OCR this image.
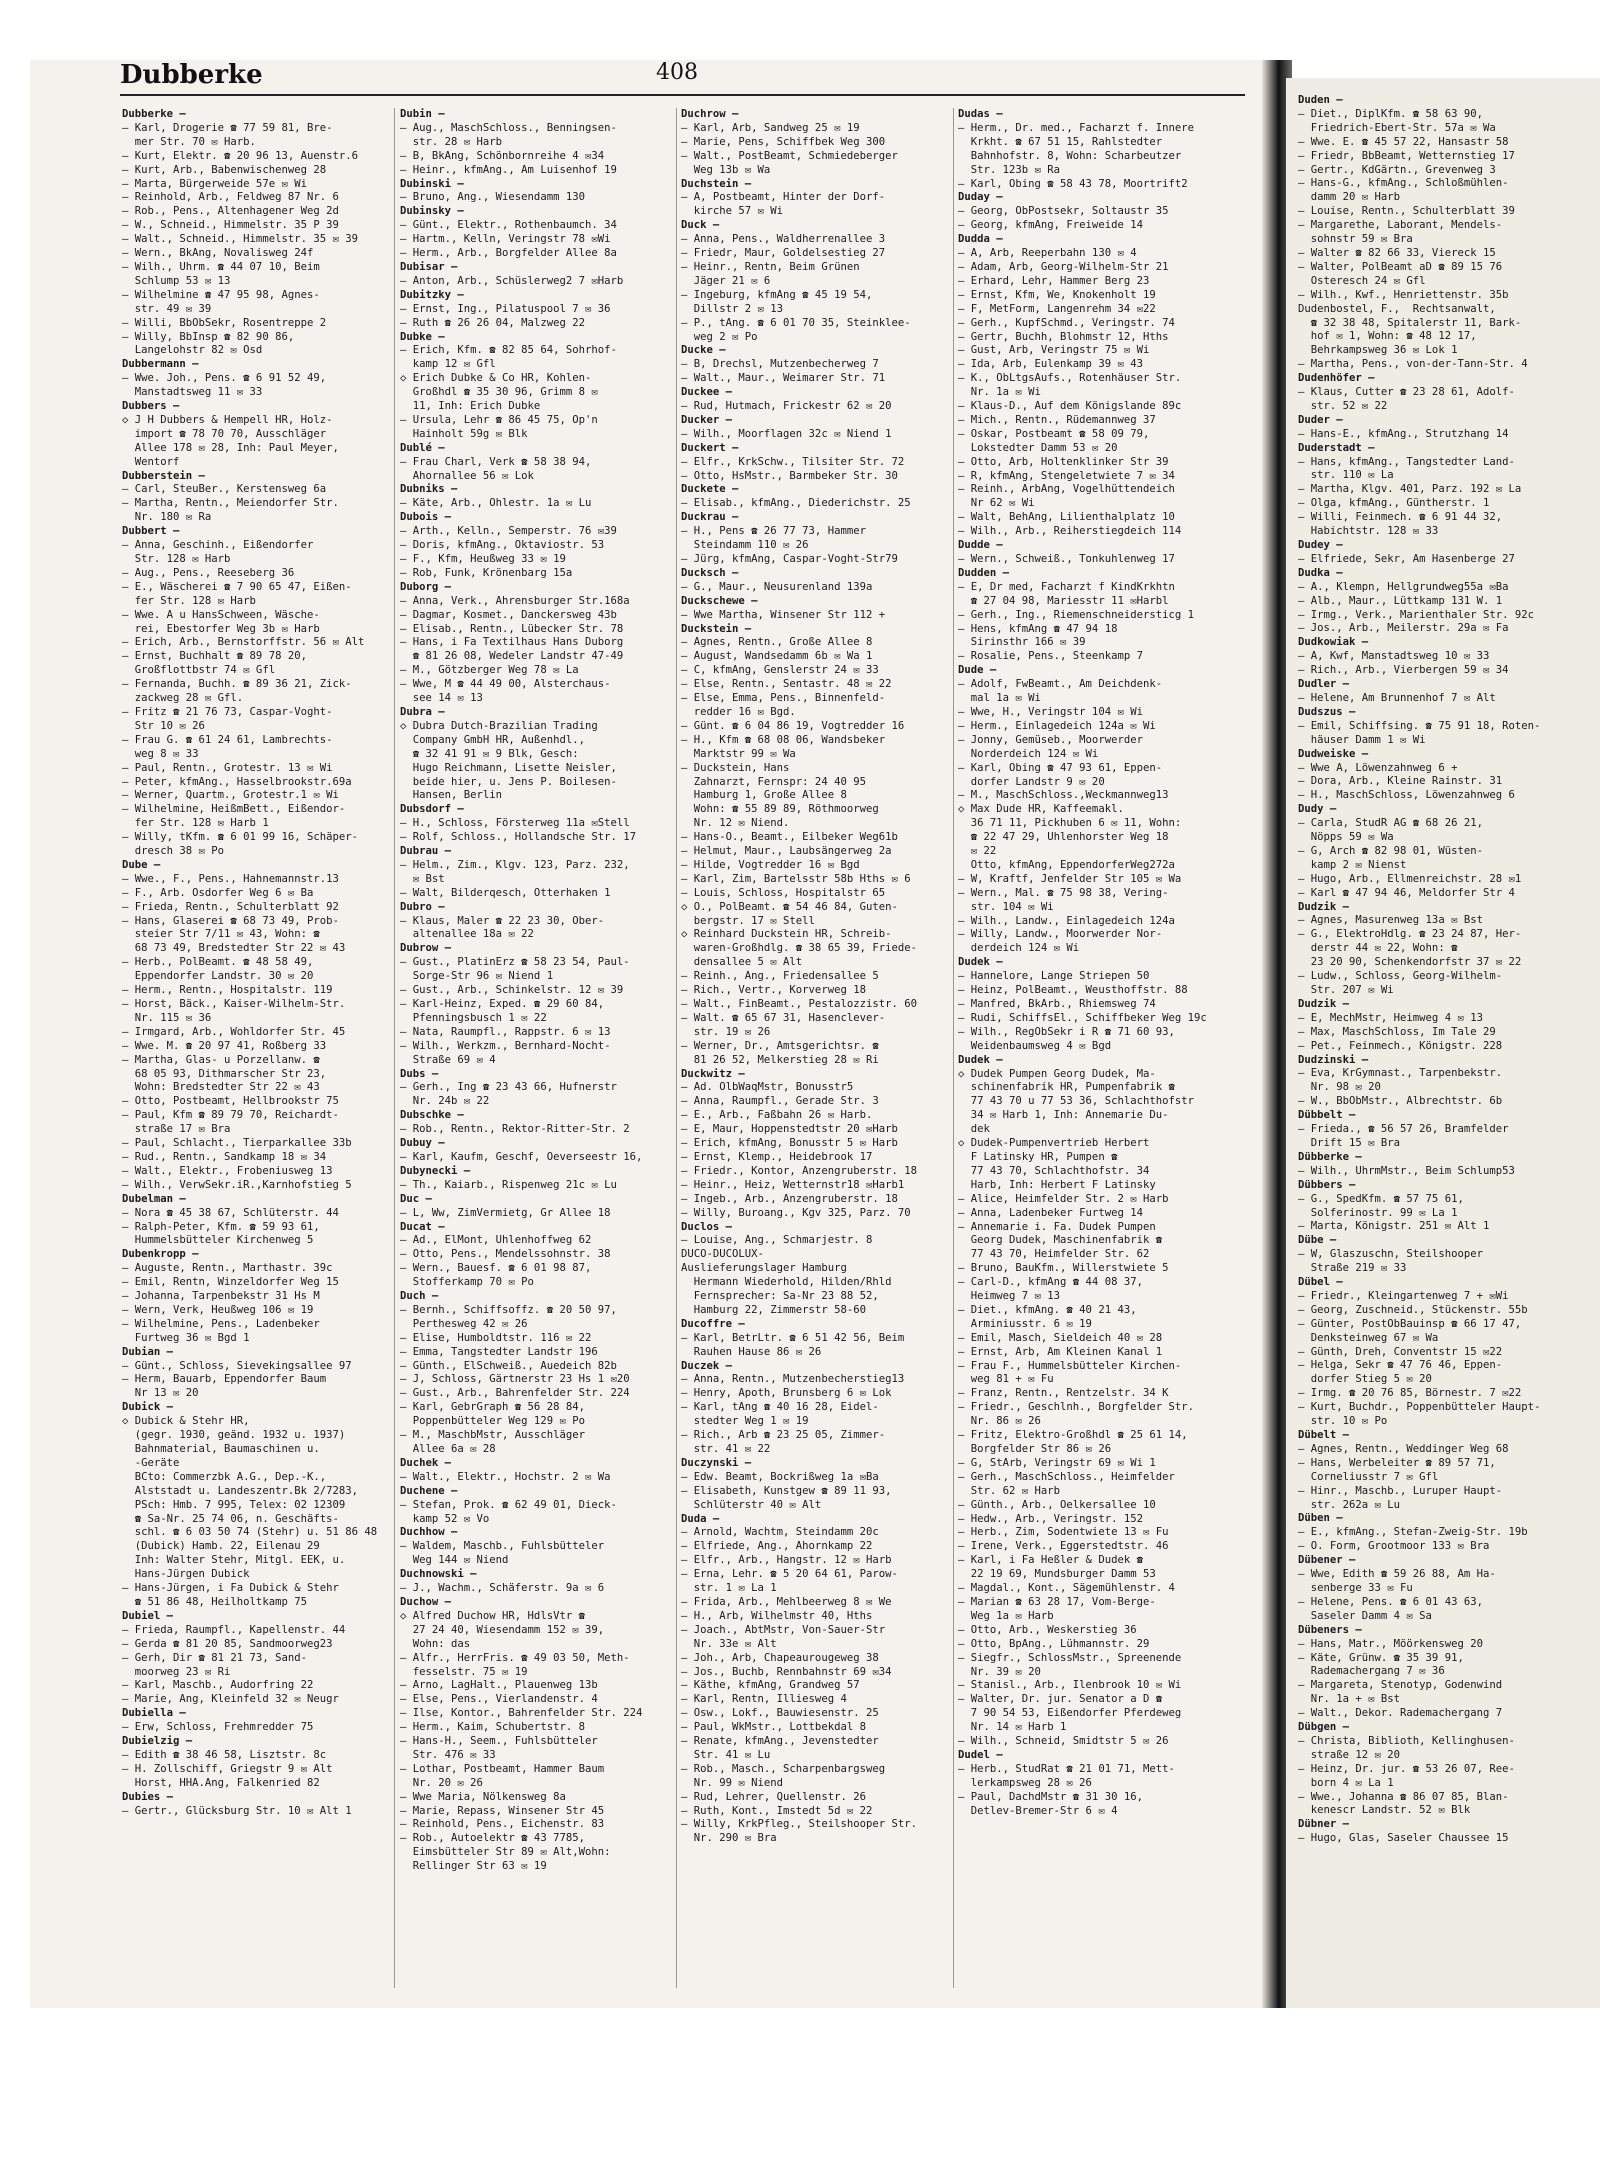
Duden —
— Diet., DiplKfm. ☎ 58 63 90,
Friedrich-Ebert-Str. 57a ✉ Wa
— Wwe. E. ☎ 45 57 22, Hansastr 58
— Friedr, BbBeamt, Wetternstieg 17
— Gertr., KdGärtn., Grevenweg 3
— Hans-G., kfmAng., Schloßmühlen-
damm 20 ✉ Harb
— Louise, Rentn., Schulterblatt 39
— Margarethe, Laborant, Mendels-
sohnstr 59 ✉ Bra
— Walter ☎ 82 66 33, Viereck 15
— Walter, PolBeamt aD ☎ 89 15 76
Osteresch 24 ✉ Gfl
— Wilh., Kwf., Henriettenstr. 35b
Dudenbostel, F.,  Rechtsanwalt,
☎ 32 38 48, Spitalerstr 11, Bark-
hof ✉ 1, Wohn: ☎ 48 12 17,
Behrkampsweg 36 ✉ Lok 1
— Martha, Pens., von-der-Tann-Str. 4
Dudenhöfer —
— Klaus, Cutter ☎ 23 28 61, Adolf-
str. 52 ✉ 22
Duder —
— Hans-E., kfmAng., Strutzhang 14
Duderstadt —
— Hans, kfmAng., Tangstedter Land-
str. 110 ✉ La
— Martha, Klgv. 401, Parz. 192 ✉ La
— Olga, kfmAng., Güntherstr. 1
— Willi, Feinmech. ☎ 6 91 44 32,
Habichtstr. 128 ✉ 33
Dudey —
— Elfriede, Sekr, Am Hasenberge 27
Dudka —
— A., Klempn, Hellgrundweg55a ✉Ba
— Alb., Maur., Lüttkamp 131 W. 1
— Irmg., Verk., Marienthaler Str. 92c
— Jos., Arb., Meilerstr. 29a ✉ Fa
Dudkowiak —
— A, Kwf, Manstadtsweg 10 ✉ 33
— Rich., Arb., Vierbergen 59 ✉ 34
Dudler —
— Helene, Am Brunnenhof 7 ✉ Alt
Dudszus —
— Emil, Schiffsing. ☎ 75 91 18, Roten-
häuser Damm 1 ✉ Wi
Dudweiske —
— Wwe A, Löwenzahnweg 6 +
— Dora, Arb., Kleine Rainstr. 31
— H., MaschSchloss, Löwenzahnweg 6
Dudy —
— Carla, StudR AG ☎ 68 26 21,
Nöpps 59 ✉ Wa
— G, Arch ☎ 82 98 01, Wüsten-
kamp 2 ✉ Nienst
— Hugo, Arb., Ellmenreichstr. 28 ✉1
— Karl ☎ 47 94 46, Meldorfer Str 4
Dudzik —
— Agnes, Masurenweg 13a ✉ Bst
— G., ElektroHdlg. ☎ 23 24 87, Her-
derstr 44 ✉ 22, Wohn: ☎
23 20 90, Schenkendorfstr 37 ✉ 22
— Ludw., Schloss, Georg-Wilhelm-
Str. 207 ✉ Wi
Dudzik —
— E, MechMstr, Heimweg 4 ✉ 13
— Max, MaschSchloss, Im Tale 29
— Pet., Feinmech., Königstr. 228
Dudzinski —
— Eva, KrGymnast., Tarpenbekstr.
Nr. 98 ✉ 20
— W., BbObMstr., Albrechtstr. 6b
Dübbelt —
— Frieda., ☎ 56 57 26, Bramfelder
Drift 15 ✉ Bra
Dübberke —
— Wilh., UhrmMstr., Beim Schlump53
Dübbers —
— G., SpedKfm. ☎ 57 75 61,
Solferinostr. 99 ✉ La 1
— Marta, Königstr. 251 ✉ Alt 1
Dübe —
— W, Glaszuschn, Steilshooper
Straße 219 ✉ 33
Dübel —
— Friedr., Kleingartenweg 7 + ✉Wi
— Georg, Zuschneid., Stückenstr. 55b
— Günter, PostObBauinsp ☎ 66 17 47,
Denksteinweg 67 ✉ Wa
— Günth, Dreh, Conventstr 15 ✉22
— Helga, Sekr ☎ 47 76 46, Eppen-
dorfer Stieg 5 ✉ 20
— Irmg. ☎ 20 76 85, Börnestr. 7 ✉22
— Kurt, Buchdr., Poppenbütteler Haupt-
str. 10 ✉ Po
Dübelt —
— Agnes, Rentn., Weddinger Weg 68
— Hans, Werbeleiter ☎ 89 57 71,
Corneliusstr 7 ✉ Gfl
— Hinr., Maschb., Luruper Haupt-
str. 262a ✉ Lu
Düben —
— E., kfmAng., Stefan-Zweig-Str. 19b
— O. Form, Grootmoor 133 ✉ Bra
Dübener —
— Wwe, Edith ☎ 59 26 88, Am Ha-
senberge 33 ✉ Fu
— Helene, Pens. ☎ 6 01 43 63,
Saseler Damm 4 ✉ Sa
Dübeners —
— Hans, Matr., Möörkensweg 20
— Käte, Grünw. ☎ 35 39 91,
Rademachergang 7 ✉ 36
— Margareta, Stenotyp, Godenwind
Nr. 1a + ✉ Bst
— Walt., Dekor. Rademachergang 7
Dübgen —
— Christa, Biblioth, Kellinghusen-
straße 12 ✉ 20
— Heinz, Dr. jur. ☎ 53 26 07, Ree-
born 4 ✉ La 1
— Wwe., Johanna ☎ 86 07 85, Blan-
kenescr Landstr. 52 ✉ Blk
Dübner —
— Hugo, Glas, Saseler Chaussee 15
Dubberke	408
Dubberke —
— Karl, Drogerie ☎ 77 59 81, Bre-
mer Str. 70 ✉ Harb.
— Kurt, Elektr. ☎ 20 96 13, Auenstr.6
— Kurt, Arb., Babenwischenweg 28
— Marta, Bürgerweide 57e ✉ Wi
— Reinhold, Arb., Feldweg 87 Nr. 6
— Rob., Pens., Altenhagener Weg 2d
— W., Schneid., Himmelstr. 35 P 39
— Walt., Schneid., Himmelstr. 35 ✉ 39
— Wern., BkAng, Novalisweg 24f
— Wilh., Uhrm. ☎ 44 07 10, Beim
Schlump 53 ✉ 13
— Wilhelmine ☎ 47 95 98, Agnes-
str. 49 ✉ 39
— Willi, BbObSekr, Rosentreppe 2
— Willy, BbInsp ☎ 82 90 86,
Langelohstr 82 ✉ Osd
Dubbermann —
— Wwe. Joh., Pens. ☎ 6 91 52 49,
Manstadtsweg 11 ✉ 33
Dubbers —
◇ J H Dubbers & Hempell HR, Holz-
import ☎ 78 70 70, Ausschläger
Allee 178 ✉ 28, Inh: Paul Meyer,
Wentorf
Dubberstein —
— Carl, SteuBer., Kerstensweg 6a
— Martha, Rentn., Meiendorfer Str.
Nr. 180 ✉ Ra
Dubbert —
— Anna, Geschinh., Eißendorfer
Str. 128 ✉ Harb
— Aug., Pens., Reeseberg 36
— E., Wäscherei ☎ 7 90 65 47, Eißen-
fer Str. 128 ✉ Harb
— Wwe. A u HansSchween, Wäsche-
rei, Ebestorfer Weg 3b ✉ Harb
— Erich, Arb., Bernstorffstr. 56 ✉ Alt
— Ernst, Buchhalt ☎ 89 78 20,
Großflottbstr 74 ✉ Gfl
— Fernanda, Buchh. ☎ 89 36 21, Zick-
zackweg 28 ✉ Gfl.
— Fritz ☎ 21 76 73, Caspar-Voght-
Str 10 ✉ 26
— Frau G. ☎ 61 24 61, Lambrechts-
weg 8 ✉ 33
— Paul, Rentn., Grotestr. 13 ✉ Wi
— Peter, kfmAng., Hasselbrookstr.69a
— Werner, Quartm., Grotestr.1 ✉ Wi
— Wilhelmine, HeißmBett., Eißendor-
fer Str. 128 ✉ Harb 1
— Willy, tKfm. ☎ 6 01 99 16, Schäper-
dresch 38 ✉ Po
Dube —
— Wwe., F., Pens., Hahnemannstr.13
— F., Arb. Osdorfer Weg 6 ✉ Ba
— Frieda, Rentn., Schulterblatt 92
— Hans, Glaserei ☎ 68 73 49, Prob-
steier Str 7/11 ✉ 43, Wohn: ☎
68 73 49, Bredstedter Str 22 ✉ 43
— Herb., PolBeamt. ☎ 48 58 49,
Eppendorfer Landstr. 30 ✉ 20
— Herm., Rentn., Hospitalstr. 119
— Horst, Bäck., Kaiser-Wilhelm-Str.
Nr. 115 ✉ 36
— Irmgard, Arb., Wohldorfer Str. 45
— Wwe. M. ☎ 20 97 41, Roßberg 33
— Martha, Glas- u Porzellanw. ☎
68 05 93, Dithmarscher Str 23,
Wohn: Bredstedter Str 22 ✉ 43
— Otto, Postbeamt, Hellbrookstr 75
— Paul, Kfm ☎ 89 79 70, Reichardt-
straße 17 ✉ Bra
— Paul, Schlacht., Tierparkallee 33b
— Rud., Rentn., Sandkamp 18 ✉ 34
— Walt., Elektr., Frobeniusweg 13
— Wilh., VerwSekr.iR.,Karnhofstieg 5
Dubelman —
— Nora ☎ 45 38 67, Schlüterstr. 44
— Ralph-Peter, Kfm. ☎ 59 93 61,
Hummelsbütteler Kirchenweg 5
Dubenkropp —
— Auguste, Rentn., Marthastr. 39c
— Emil, Rentn, Winzeldorfer Weg 15
— Johanna, Tarpenbekstr 31 Hs M
— Wern, Verk, Heußweg 106 ✉ 19
— Wilhelmine, Pens., Ladenbeker
Furtweg 36 ✉ Bgd 1
Dubian —
— Günt., Schloss, Sievekingsallee 97
— Herm, Bauarb, Eppendorfer Baum
Nr 13 ✉ 20
Dubick —
◇ Dubick & Stehr HR,
(gegr. 1930, geänd. 1932 u. 1937)
Bahnmaterial, Baumaschinen u.
-Geräte
BCto: Commerzbk A.G., Dep.-K.,
Alststadt u. Landeszentr.Bk 2/7283,
PSch: Hmb. 7 995, Telex: 02 12309
☎ Sa-Nr. 25 74 06, n. Geschäfts-
schl. ☎ 6 03 50 74 (Stehr) u. 51 86 48
(Dubick) Hamb. 22, Eilenau 29
Inh: Walter Stehr, Mitgl. EEK, u.
Hans-Jürgen Dubick
— Hans-Jürgen, i Fa Dubick & Stehr
☎ 51 86 48, Heilholtkamp 75
Dubiel —
— Frieda, Raumpfl., Kapellenstr. 44
— Gerda ☎ 81 20 85, Sandmoorweg23
— Gerh, Dir ☎ 81 21 73, Sand-
moorweg 23 ✉ Ri
— Karl, Maschb., Audorfring 22
— Marie, Ang, Kleinfeld 32 ✉ Neugr
Dubiella —
— Erw, Schloss, Frehmredder 75
Dubielzig —
— Edith ☎ 38 46 58, Lisztstr. 8c
— H. Zollschiff, Griegstr 9 ✉ Alt
Horst, HHA.Ang, Falkenried 82
Dubies —
— Gertr., Glücksburg Str. 10 ✉ Alt 1
Dubin —
— Aug., MaschSchloss., Benningsen-
str. 28 ✉ Harb
— B, BkAng, Schönbornreihe 4 ✉34
— Heinr., kfmAng., Am Luisenhof 19
Dubinski —
— Bruno, Ang., Wiesendamm 130
Dubinsky —
— Günt., Elektr., Rothenbaumch. 34
— Hartm., Kelln, Veringstr 78 ✉Wi
— Herm., Arb., Borgfelder Allee 8a
Dubisar —
— Anton, Arb., Schüslerweg2 7 ✉Harb
Dubitzky —
— Ernst, Ing., Pilatuspool 7 ✉ 36
— Ruth ☎ 26 26 04, Malzweg 22
Dubke —
— Erich, Kfm. ☎ 82 85 64, Sohrhof-
kamp 12 ✉ Gfl
◇ Erich Dubke & Co HR, Kohlen-
Großhdl ☎ 35 30 96, Grimm 8 ✉
11, Inh: Erich Dubke
— Ursula, Lehr ☎ 86 45 75, Op'n
Hainholt 59g ✉ Blk
Dublé —
— Frau Charl, Verk ☎ 58 38 94,
Ahornallee 56 ✉ Lok
Dubniks —
— Käte, Arb., Ohlestr. 1a ✉ Lu
Dubois —
— Arth., Kelln., Semperstr. 76 ✉39
— Doris, kfmAng., Oktaviostr. 53
— F., Kfm, Heußweg 33 ✉ 19
— Rob, Funk, Krönenbarg 15a
Duborg —
— Anna, Verk., Ahrensburger Str.168a
— Dagmar, Kosmet., Danckersweg 43b
— Elisab., Rentn., Lübecker Str. 78
— Hans, i Fa Textilhaus Hans Duborg
☎ 81 26 08, Wedeler Landstr 47-49
— M., Götzberger Weg 78 ✉ La
— Wwe, M ☎ 44 49 00, Alsterchaus-
see 14 ✉ 13
Dubra —
◇ Dubra Dutch-Brazilian Trading
Company GmbH HR, Außenhdl.,
☎ 32 41 91 ✉ 9 Blk, Gesch:
Hugo Reichmann, Lisette Neisler,
beide hier, u. Jens P. Boilesen-
Hansen, Berlin
Dubsdorf —
— H., Schloss, Försterweg 11a ✉Stell
— Rolf, Schloss., Hollandsche Str. 17
Dubrau —
— Helm., Zim., Klgv. 123, Parz. 232,
✉ Bst
— Walt, Bilderqesch, Otterhaken 1
Dubro —
— Klaus, Maler ☎ 22 23 30, Ober-
altenallee 18a ✉ 22
Dubrow —
— Gust., PlatinErz ☎ 58 23 54, Paul-
Sorge-Str 96 ✉ Niend 1
— Gust., Arb., Schinkelstr. 12 ✉ 39
— Karl-Heinz, Exped. ☎ 29 60 84,
Pfenningsbusch 1 ✉ 22
— Nata, Raumpfl., Rappstr. 6 ✉ 13
— Wilh., Werkzm., Bernhard-Nocht-
Straße 69 ✉ 4
Dubs —
— Gerh., Ing ☎ 23 43 66, Hufnerstr
Nr. 24b ✉ 22
Dubschke —
— Rob., Rentn., Rektor-Ritter-Str. 2
Dubuy —
— Karl, Kaufm, Geschf, Oeverseestr 16,
Dubynecki —
— Th., Kaiarb., Rispenweg 21c ✉ Lu
Duc —
— L, Ww, ZimVermietg, Gr Allee 18
Ducat —
— Ad., ElMont, Uhlenhoffweg 62
— Otto, Pens., Mendelssohnstr. 38
— Wern., Bauesf. ☎ 6 01 98 87,
Stofferkamp 70 ✉ Po
Duch —
— Bernh., Schiffsoffz. ☎ 20 50 97,
Perthesweg 42 ✉ 26
— Elise, Humboldtstr. 116 ✉ 22
— Emma, Tangstedter Landstr 196
— Günth., ElSchweiß., Auedeich 82b
— J, Schloss, Gärtnerstr 23 Hs 1 ✉20
— Gust., Arb., Bahrenfelder Str. 224
— Karl, GebrGraph ☎ 56 28 84,
Poppenbütteler Weg 129 ✉ Po
— M., MaschbMstr, Ausschläger
Allee 6a ✉ 28
Duchek —
— Walt., Elektr., Hochstr. 2 ✉ Wa
Duchene —
— Stefan, Prok. ☎ 62 49 01, Dieck-
kamp 52 ✉ Vo
Duchhow —
— Waldem, Maschb., Fuhlsbütteler
Weg 144 ✉ Niend
Duchnowski —
— J., Wachm., Schäferstr. 9a ✉ 6
Duchow —
◇ Alfred Duchow HR, HdlsVtr ☎
27 24 40, Wiesendamm 152 ✉ 39,
Wohn: das
— Alfr., HerrFris. ☎ 49 03 50, Meth-
fesselstr. 75 ✉ 19
— Arno, LagHalt., Plauenweg 13b
— Else, Pens., Vierlandenstr. 4
— Ilse, Kontor., Bahrenfelder Str. 224
— Herm., Kaim, Schubertstr. 8
— Hans-H., Seem., Fuhlsbütteler
Str. 476 ✉ 33
— Lothar, Postbeamt, Hammer Baum
Nr. 20 ✉ 26
— Wwe Maria, Nölkensweg 8a
— Marie, Repass, Winsener Str 45
— Reinhold, Pens., Eichenstr. 83
— Rob., Autoelektr ☎ 43 7785,
Eimsbütteler Str 89 ✉ Alt,Wohn:
Rellinger Str 63 ✉ 19
Duchrow —
— Karl, Arb, Sandweg 25 ✉ 19
— Marie, Pens, Schiffbek Weg 300
— Walt., PostBeamt, Schmiedeberger
Weg 13b ✉ Wa
Duchstein —
— A, Postbeamt, Hinter der Dorf-
kirche 57 ✉ Wi
Duck —
— Anna, Pens., Waldherrenallee 3
— Friedr, Maur, Goldelsestieg 27
— Heinr., Rentn, Beim Grünen
Jäger 21 ✉ 6
— Ingeburg, kfmAng ☎ 45 19 54,
Dillstr 2 ✉ 13
— P., tAng. ☎ 6 01 70 35, Steinklee-
weg 2 ✉ Po
Ducke —
— B, Drechsl, Mutzenbecherweg 7
— Walt., Maur., Weimarer Str. 71
Duckee —
— Rud, Hutmach, Frickestr 62 ✉ 20
Ducker —
— Wilh., Moorflagen 32c ✉ Niend 1
Duckert —
— Elfr., KrkSchw., Tilsiter Str. 72
— Otto, HsMstr., Barmbeker Str. 30
Duckete —
— Elisab., kfmAng., Diederichstr. 25
Duckrau —
— H., Pens ☎ 26 77 73, Hammer
Steindamm 110 ✉ 26
— Jürg, kfmAng, Caspar-Voght-Str79
Ducksch —
— G., Maur., Neusurenland 139a
Duckschewe —
— Wwe Martha, Winsener Str 112 +
Duckstein —
— Agnes, Rentn., Große Allee 8
— August, Wandsedamm 6b ✉ Wa 1
— C, kfmAng, Genslerstr 24 ✉ 33
— Else, Rentn., Sentastr. 48 ✉ 22
— Else, Emma, Pens., Binnenfeld-
redder 16 ✉ Bgd.
— Günt. ☎ 6 04 86 19, Vogtredder 16
— H., Kfm ☎ 68 08 06, Wandsbeker
Marktstr 99 ✉ Wa
— Duckstein, Hans
Zahnarzt, Fernspr: 24 40 95
Hamburg 1, Große Allee 8
Wohn: ☎ 55 89 89, Röthmoorweg
Nr. 12 ✉ Niend.
— Hans-O., Beamt., Eilbeker Weg61b
— Helmut, Maur., Laubsängerweg 2a
— Hilde, Vogtredder 16 ✉ Bgd
— Karl, Zim, Bartelsstr 58b Hths ✉ 6
— Louis, Schloss, Hospitalstr 65
◇ O., PolBeamt. ☎ 54 46 84, Guten-
bergstr. 17 ✉ Stell
◇ Reinhard Duckstein HR, Schreib-
waren-Großhdlg. ☎ 38 65 39, Friede-
densallee 5 ✉ Alt
— Reinh., Ang., Friedensallee 5
— Rich., Vertr., Korverweg 18
— Walt., FinBeamt., Pestalozzistr. 60
— Walt. ☎ 65 67 31, Hasenclever-
str. 19 ✉ 26
— Werner, Dr., Amtsgerichtsr. ☎
81 26 52, Melkerstieg 28 ✉ Ri
Duckwitz —
— Ad. OlbWaqMstr, Bonusstr5
— Anna, Raumpfl., Gerade Str. 3
— E., Arb., Faßbahn 26 ✉ Harb.
— E, Maur, Hoppenstedtstr 20 ✉Harb
— Erich, kfmAng, Bonusstr 5 ✉ Harb
— Ernst, Klemp., Heidebrook 17
— Friedr., Kontor, Anzengruberstr. 18
— Heinr., Heiz, Wetternstr18 ✉Harb1
— Ingeb., Arb., Anzengruberstr. 18
— Willy, Buroang., Kgv 325, Parz. 70
Duclos —
— Louise, Ang., Schmarjestr. 8
DUCO-DUCOLUX-
Auslieferungslager Hamburg
Hermann Wiederhold, Hilden/Rhld
Fernsprecher: Sa-Nr 23 88 52,
Hamburg 22, Zimmerstr 58-60
Ducoffre —
— Karl, BetrLtr. ☎ 6 51 42 56, Beim
Rauhen Hause 86 ✉ 26
Duczek —
— Anna, Rentn., Mutzenbecherstieg13
— Henry, Apoth, Brunsberg 6 ✉ Lok
— Karl, tAng ☎ 40 16 28, Eidel-
stedter Weg 1 ✉ 19
— Rich., Arb ☎ 23 25 05, Zimmer-
str. 41 ✉ 22
Duczynski —
— Edw. Beamt, Bockrißweg 1a ✉Ba
— Elisabeth, Kunstgew ☎ 89 11 93,
Schlüterstr 40 ✉ Alt
Duda —
— Arnold, Wachtm, Steindamm 20c
— Elfriede, Ang., Ahornkamp 22
— Elfr., Arb., Hangstr. 12 ✉ Harb
— Erna, Lehr. ☎ 5 20 64 61, Parow-
str. 1 ✉ La 1
— Frida, Arb., Mehlbeerweg 8 ✉ We
— H., Arb, Wilhelmstr 40, Hths
— Joach., AbtMstr, Von-Sauer-Str
Nr. 33e ✉ Alt
— Joh., Arb, Chapeaurougeweg 38
— Jos., Buchb, Rennbahnstr 69 ✉34
— Käthe, kfmAng, Grandweg 57
— Karl, Rentn, Illiesweg 4
— Osw., Lokf., Bauwiesenstr. 25
— Paul, WkMstr., Lottbekdal 8
— Renate, kfmAng., Jevenstedter
Str. 41 ✉ Lu
— Rob., Masch., Scharpenbargsweg
Nr. 99 ✉ Niend
— Rud, Lehrer, Quellenstr. 26
— Ruth, Kont., Imstedt 5d ✉ 22
— Willy, KrkPfleg., Steilshooper Str.
Nr. 290 ✉ Bra
Dudas —
— Herm., Dr. med., Facharzt f. Innere
Krkht. ☎ 67 51 15, Rahlstedter
Bahnhofstr. 8, Wohn: Scharbeutzer
Str. 123b ✉ Ra
— Karl, Obing ☎ 58 43 78, Moortrift2
Duday —
— Georg, ObPostsekr, Soltaustr 35
— Georg, kfmAng, Freiweide 14
Dudda —
— A, Arb, Reeperbahn 130 ✉ 4
— Adam, Arb, Georg-Wilhelm-Str 21
— Erhard, Lehr, Hammer Berg 23
— Ernst, Kfm, We, Knokenholt 19
— F, MetForm, Langenrehm 34 ✉22
— Gerh., KupfSchmd., Veringstr. 74
— Gertr, Buchh, Blohmstr 12, Hths
— Gust, Arb, Veringstr 75 ✉ Wi
— Ida, Arb, Eulenkamp 39 ✉ 43
— K., ObLtgsAufs., Rotenhäuser Str.
Nr. 1a ✉ Wi
— Klaus-D., Auf dem Königslande 89c
— Mich., Rentn., Rüdemannweg 37
— Oskar, Postbeamt ☎ 58 09 79,
Lokstedter Damm 53 ✉ 20
— Otto, Arb, Holtenklinker Str 39
— R, kfmAng, Stengeletwiete 7 ✉ 34
— Reinh., ArbAng, Vogelhüttendeich
Nr 62 ✉ Wi
— Walt, BehAng, Lilienthalplatz 10
— Wilh., Arb., Reiherstiegdeich 114
Dudde —
— Wern., Schweiß., Tonkuhlenweg 17
Dudden —
— E, Dr med, Facharzt f KindKrkhtn
☎ 27 04 98, Mariesstr 11 ✉Harbl
— Gerh., Ing., Riemenschneidersticg 1
— Hens, kfmAng ☎ 47 94 18
Sirinsthr 166 ✉ 39
— Rosalie, Pens., Steenkamp 7
Dude —
— Adolf, FwBeamt., Am Deichdenk-
mal 1a ✉ Wi
— Wwe, H., Veringstr 104 ✉ Wi
— Herm., Einlagedeich 124a ✉ Wi
— Jonny, Gemüseb., Moorwerder
Norderdeich 124 ✉ Wi
— Karl, Obing ☎ 47 93 61, Eppen-
dorfer Landstr 9 ✉ 20
— M., MaschSchloss.,Weckmannweg13
◇ Max Dude HR, Kaffeemakl.
36 71 11, Pickhuben 6 ✉ 11, Wohn:
☎ 22 47 29, Uhlenhorster Weg 18
✉ 22
Otto, kfmAng, EppendorferWeg272a
— W, Kraftf, Jenfelder Str 105 ✉ Wa
— Wern., Mal. ☎ 75 98 38, Vering-
str. 104 ✉ Wi
— Wilh., Landw., Einlagedeich 124a
— Willy, Landw., Moorwerder Nor-
derdeich 124 ✉ Wi
Dudek —
— Hannelore, Lange Striepen 50
— Heinz, PolBeamt., Weusthoffstr. 88
— Manfred, BkArb., Rhiemsweg 74
— Rudi, SchiffsEl., Schiffbeker Weg 19c
— Wilh., RegObSekr i R ☎ 71 60 93,
Weidenbaumsweg 4 ✉ Bgd
Dudek —
◇ Dudek Pumpen Georg Dudek, Ma-
schinenfabrik HR, Pumpenfabrik ☎
77 43 70 u 77 53 36, Schlachthofstr
34 ✉ Harb 1, Inh: Annemarie Du-
dek
◇ Dudek-Pumpenvertrieb Herbert
F Latinsky HR, Pumpen ☎
77 43 70, Schlachthofstr. 34
Harb, Inh: Herbert F Latinsky
— Alice, Heimfelder Str. 2 ✉ Harb
— Anna, Ladenbeker Furtweg 14
— Annemarie i. Fa. Dudek Pumpen
Georg Dudek, Maschinenfabrik ☎
77 43 70, Heimfelder Str. 62
— Bruno, BauKfm., Willerstwiete 5
— Carl-D., kfmAng ☎ 44 08 37,
Heimweg 7 ✉ 13
— Diet., kfmAng. ☎ 40 21 43,
Arminiusstr. 6 ✉ 19
— Emil, Masch, Sieldeich 40 ✉ 28
— Ernst, Arb, Am Kleinen Kanal 1
— Frau F., Hummelsbütteler Kirchen-
weg 81 + ✉ Fu
— Franz, Rentn., Rentzelstr. 34 K
— Friedr., Geschlnh., Borgfelder Str.
Nr. 86 ✉ 26
— Fritz, Elektro-Großhdl ☎ 25 61 14,
Borgfelder Str 86 ✉ 26
— G, StArb, Veringstr 69 ✉ Wi 1
— Gerh., MaschSchloss., Heimfelder
Str. 62 ✉ Harb
— Günth., Arb., Oelkersallee 10
— Hedw., Arb., Veringstr. 152
— Herb., Zim, Sodentwiete 13 ✉ Fu
— Irene, Verk., Eggerstedtstr. 46
— Karl, i Fa Heßler & Dudek ☎
22 19 69, Mundsburger Damm 53
— Magdal., Kont., Sägemühlenstr. 4
— Marian ☎ 63 28 17, Vom-Berge-
Weg 1a ✉ Harb
— Otto, Arb., Weskerstieg 36
— Otto, BpAng., Lühmannstr. 29
— Siegfr., SchlossMstr., Spreenende
Nr. 39 ✉ 20
— Stanisl., Arb., Ilenbrook 10 ✉ Wi
— Walter, Dr. jur. Senator a D ☎
7 90 54 53, Eißendorfer Pferdeweg
Nr. 14 ✉ Harb 1
— Wilh., Schneid, Smidtstr 5 ✉ 26
Dudel —
— Herb., StudRat ☎ 21 01 71, Mett-
lerkampsweg 28 ✉ 26
— Paul, DachdMstr ☎ 31 30 16,
Detlev-Bremer-Str 6 ✉ 4
